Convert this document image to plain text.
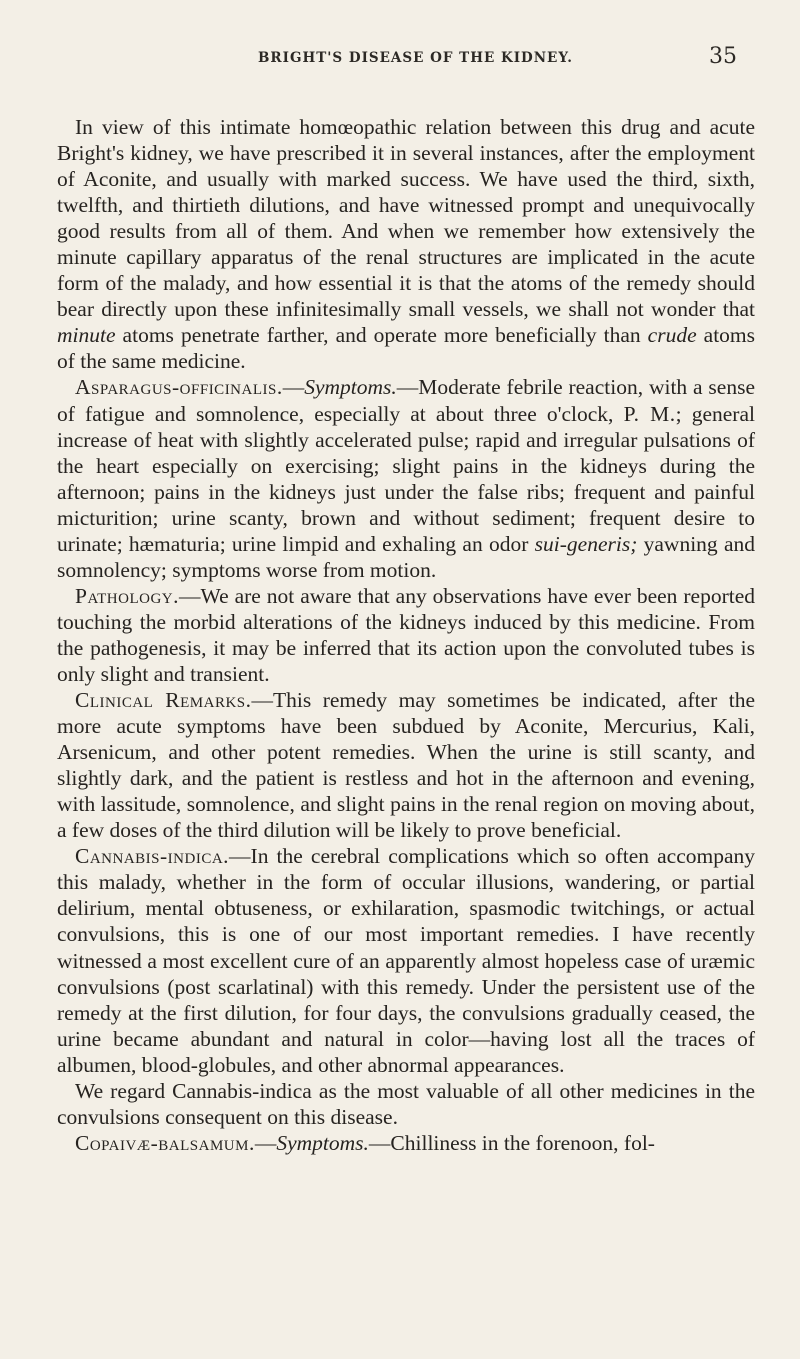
BRIGHT'S DISEASE OF THE KIDNEY.	35

In view of this intimate homœopathic relation between this drug and acute Bright's kidney, we have prescribed it in several instances, after the employment of Aconite, and usually with marked success. We have used the third, sixth, twelfth, and thirtieth dilutions, and have witnessed prompt and unequivocally good results from all of them. And when we remember how extensively the minute capillary apparatus of the renal structures are implicated in the acute form of the malady, and how essential it is that the atoms of the remedy should bear directly upon these infinitesimally small vessels, we shall not wonder that minute atoms penetrate farther, and operate more beneficially than crude atoms of the same medicine.

Asparagus-officinalis.—Symptoms.—Moderate febrile reaction, with a sense of fatigue and somnolence, especially at about three o'clock, P. M.; general increase of heat with slightly accelerated pulse; rapid and irregular pulsations of the heart especially on exercising; slight pains in the kidneys during the afternoon; pains in the kidneys just under the false ribs; frequent and painful micturition; urine scanty, brown and without sediment; frequent desire to urinate; hæmaturia; urine limpid and exhaling an odor sui-generis; yawning and somnolency; symptoms worse from motion.

Pathology.—We are not aware that any observations have ever been reported touching the morbid alterations of the kidneys induced by this medicine. From the pathogenesis, it may be inferred that its action upon the convoluted tubes is only slight and transient.

Clinical Remarks.—This remedy may sometimes be indicated, after the more acute symptoms have been subdued by Aconite, Mercurius, Kali, Arsenicum, and other potent remedies. When the urine is still scanty, and slightly dark, and the patient is restless and hot in the afternoon and evening, with lassitude, somnolence, and slight pains in the renal region on moving about, a few doses of the third dilution will be likely to prove beneficial.

Cannabis-indica.—In the cerebral complications which so often accompany this malady, whether in the form of occular illusions, wandering, or partial delirium, mental obtuseness, or exhilaration, spasmodic twitchings, or actual convulsions, this is one of our most important remedies. I have recently witnessed a most excellent cure of an apparently almost hopeless case of uræmic convulsions (post scarlatinal) with this remedy. Under the persistent use of the remedy at the first dilution, for four days, the convulsions gradually ceased, the urine became abundant and natural in color—having lost all the traces of albumen, blood-globules, and other abnormal appearances.

We regard Cannabis-indica as the most valuable of all other medicines in the convulsions consequent on this disease.

Copaivæ-balsamum.—Symptoms.—Chilliness in the forenoon, fol-
